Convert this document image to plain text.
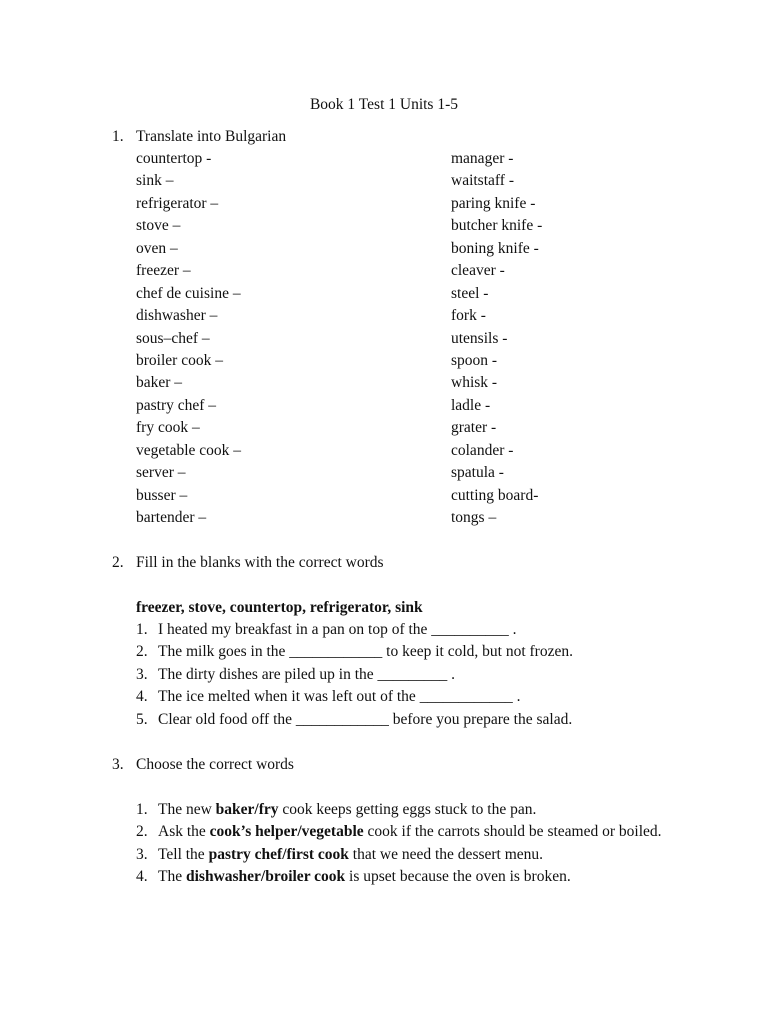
Book 1 Test 1 Units 1-5
1. Translate into Bulgarian
countertop -
sink –
refrigerator –
stove –
oven –
freezer –
chef de cuisine –
dishwasher –
sous–chef –
broiler cook –
baker –
pastry chef –
fry cook –
vegetable cook –
server –
busser –
bartender –
manager -
waitstaff -
paring knife -
butcher knife -
boning knife -
cleaver -
steel -
fork -
utensils -
spoon -
whisk -
ladle -
grater -
colander -
spatula -
cutting board-
tongs –
2. Fill in the blanks with the correct words
freezer, stove, countertop, refrigerator, sink
1. I heated my breakfast in a pan on top of the __________ .
2. The milk goes in the ____________ to keep it cold, but not frozen.
3. The dirty dishes are piled up in the _________ .
4. The ice melted when it was left out of the ____________ .
5. Clear old food off the ____________ before you prepare the salad.
3. Choose the correct words
1. The new baker/fry cook keeps getting eggs stuck to the pan.
2. Ask the cook’s helper/vegetable cook if the carrots should be steamed or boiled.
3. Tell the pastry chef/first cook that we need the dessert menu.
4. The dishwasher/broiler cook is upset because the oven is broken.
